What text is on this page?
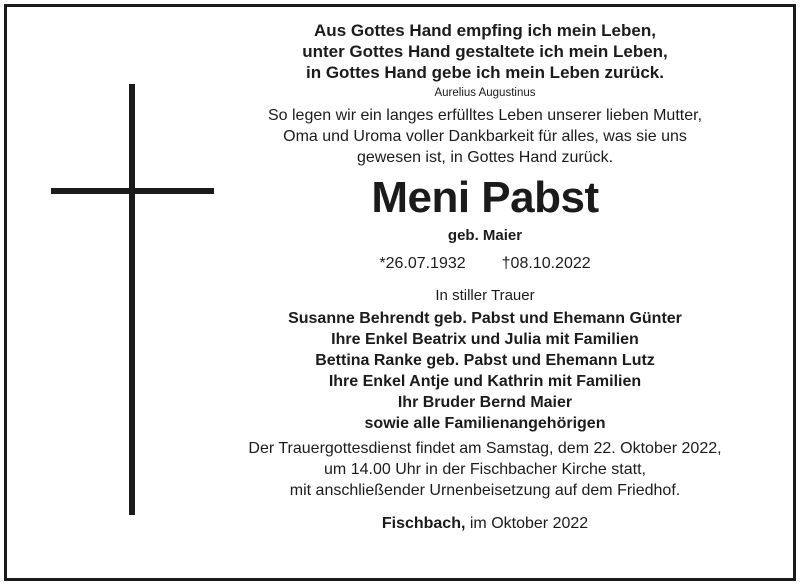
Aus Gottes Hand empfing ich mein Leben,
unter Gottes Hand gestaltete ich mein Leben,
in Gottes Hand gebe ich mein Leben zurück.
Aurelius Augustinus
So legen wir ein langes erfülltes Leben unserer lieben Mutter,
Oma und Uroma voller Dankbarkeit für alles, was sie uns
gewesen ist, in Gottes Hand zurück.
Meni Pabst
geb. Maier
*26.07.1932 †08.10.2022
In stiller Trauer
Susanne Behrendt geb. Pabst und Ehemann Günter
Ihre Enkel Beatrix und Julia mit Familien
Bettina Ranke geb. Pabst und Ehemann Lutz
Ihre Enkel Antje und Kathrin mit Familien
Ihr Bruder Bernd Maier
sowie alle Familienangehörigen
Der Trauergottesdienst findet am Samstag, dem 22. Oktober 2022,
um 14.00 Uhr in der Fischbacher Kirche statt,
mit anschließender Urnenbeisetzung auf dem Friedhof.
Fischbach, im Oktober 2022
